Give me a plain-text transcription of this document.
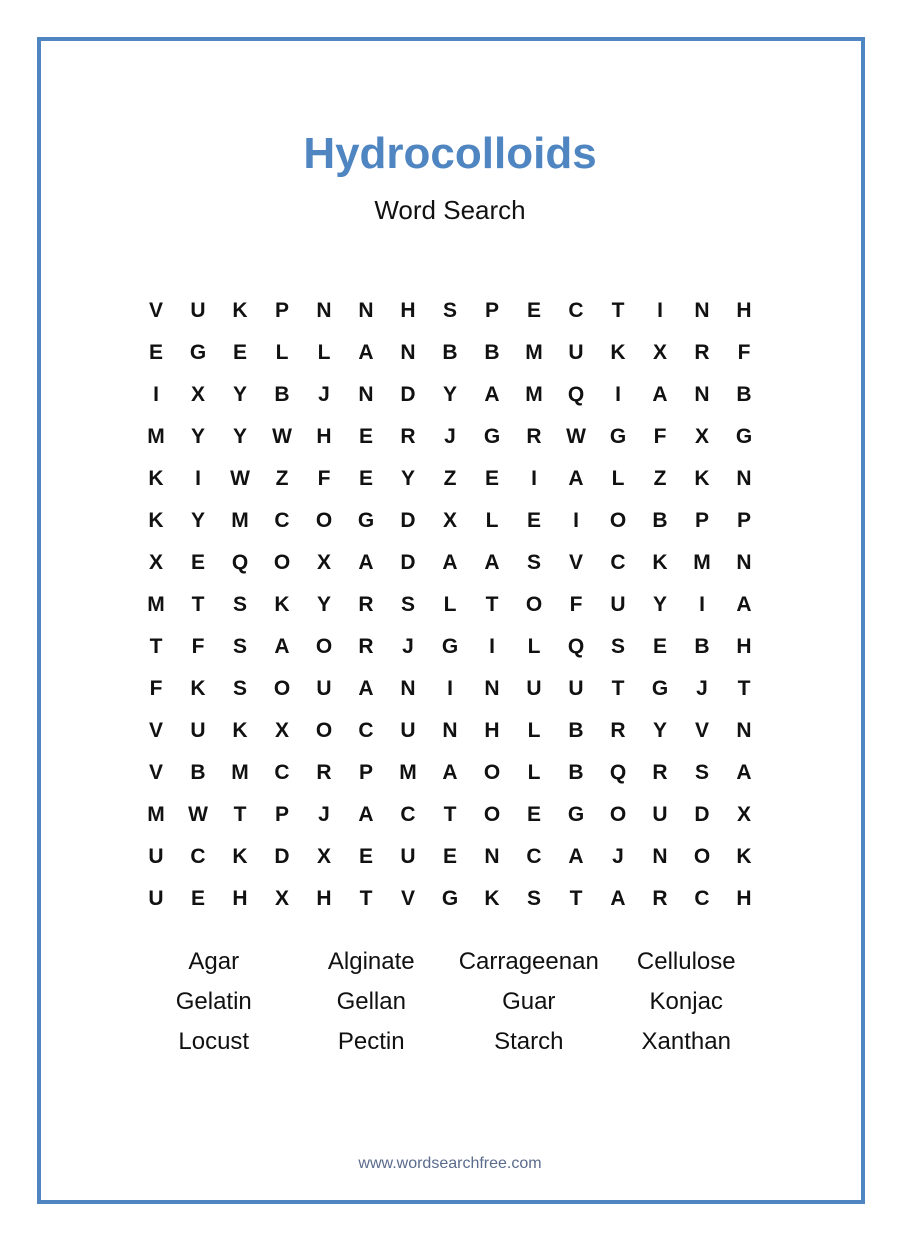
Hydrocolloids
Word Search
V	U	K	P	N	N	H	S	P	E	C	T	I	N	H
E	G	E	L	L	A	N	B	B	M	U	K	X	R	F
I	X	Y	B	J	N	D	Y	A	M	Q	I	A	N	B
M	Y	Y	W	H	E	R	J	G	R	W	G	F	X	G
K	I	W	Z	F	E	Y	Z	E	I	A	L	Z	K	N
K	Y	M	C	O	G	D	X	L	E	I	O	B	P	P
X	E	Q	O	X	A	D	A	A	S	V	C	K	M	N
M	T	S	K	Y	R	S	L	T	O	F	U	Y	I	A
T	F	S	A	O	R	J	G	I	L	Q	S	E	B	H
F	K	S	O	U	A	N	I	N	U	U	T	G	J	T
V	U	K	X	O	C	U	N	H	L	B	R	Y	V	N
V	B	M	C	R	P	M	A	O	L	B	Q	R	S	A
M	W	T	P	J	A	C	T	O	E	G	O	U	D	X
U	C	K	D	X	E	U	E	N	C	A	J	N	O	K
U	E	H	X	H	T	V	G	K	S	T	A	R	C	H
Agar	Alginate	Carrageenan	Cellulose
Gelatin	Gellan	Guar	Konjac
Locust	Pectin	Starch	Xanthan
www.wordsearchfree.com
